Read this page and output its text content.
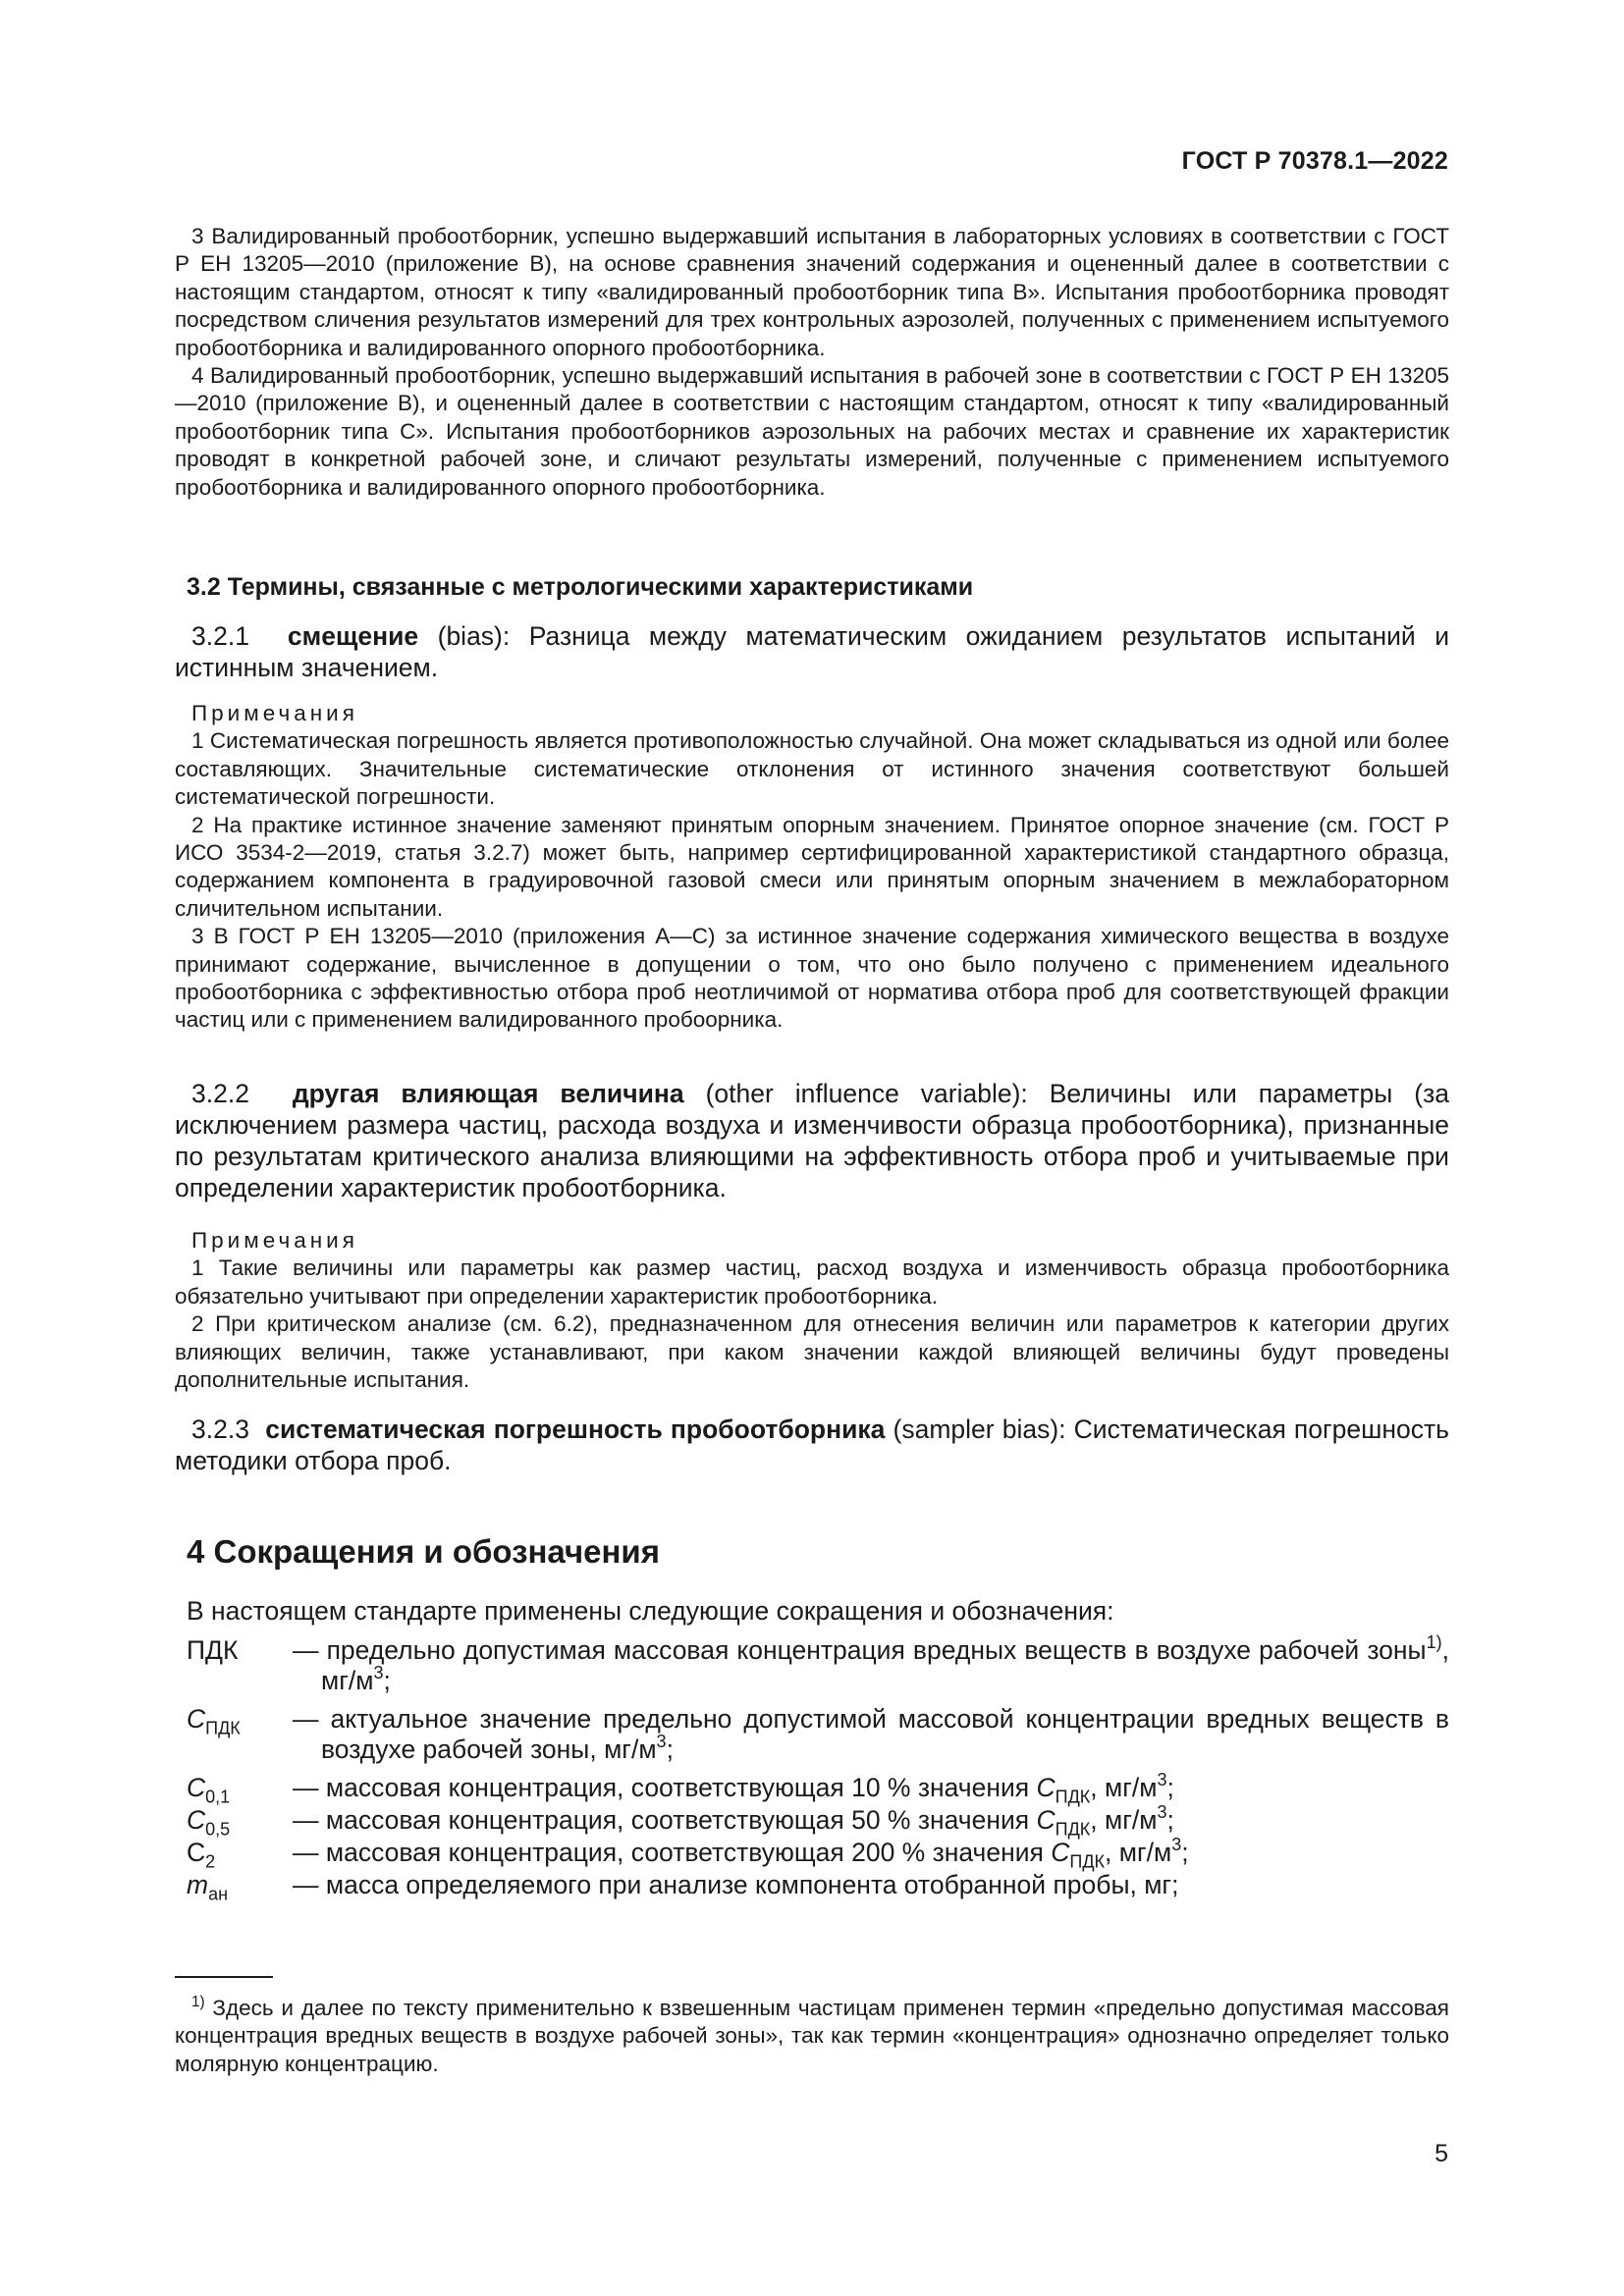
ГОСТ Р 70378.1—2022

3 Валидированный пробоотборник, успешно выдержавший испытания в лабораторных условиях в соответствии с ГОСТ Р ЕН 13205—2010 (приложение В), на основе сравнения значений содержания и оцененный далее в соответствии с настоящим стандартом, относят к типу «валидированный пробоотборник типа В». Испытания пробоотборника проводят посредством сличения результатов измерений для трех контрольных аэрозолей, полученных с применением испытуемого пробоотборника и валидированного опорного пробоотборника.

4 Валидированный пробоотборник, успешно выдержавший испытания в рабочей зоне в соответствии с ГОСТ Р ЕН 13205—2010 (приложение В), и оцененный далее в соответствии с настоящим стандартом, относят к типу «валидированный пробоотборник типа С». Испытания пробоотборников аэрозольных на рабочих местах и сравнение их характеристик проводят в конкретной рабочей зоне, и сличают результаты измерений, полученные с применением испытуемого пробоотборника и валидированного опорного пробоотборника.

3.2 Термины, связанные с метрологическими характеристиками

3.2.1 смещение (bias): Разница между математическим ожиданием результатов испытаний и истинным значением.

Примечания

1 Систематическая погрешность является противоположностью случайной. Она может складываться из одной или более составляющих. Значительные систематические отклонения от истинного значения соответствуют большей систематической погрешности.

2 На практике истинное значение заменяют принятым опорным значением. Принятое опорное значение (см. ГОСТ Р ИСО 3534-2—2019, статья 3.2.7) может быть, например сертифицированной характеристикой стандартного образца, содержанием компонента в градуировочной газовой смеси или принятым опорным значением в межлабораторном сличительном испытании.

3 В ГОСТ Р ЕН 13205—2010 (приложения А—С) за истинное значение содержания химического вещества в воздухе принимают содержание, вычисленное в допущении о том, что оно было получено с применением идеального пробоотборника с эффективностью отбора проб неотличимой от норматива отбора проб для соответствующей фракции частиц или с применением валидированного пробоорника.

3.2.2 другая влияющая величина (other influence variable): Величины или параметры (за исключением размера частиц, расхода воздуха и изменчивости образца пробоотборника), признанные по результатам критического анализа влияющими на эффективность отбора проб и учитываемые при определении характеристик пробоотборника.

Примечания

1 Такие величины или параметры как размер частиц, расход воздуха и изменчивость образца пробоотборника обязательно учитывают при определении характеристик пробоотборника.

2 При критическом анализе (см. 6.2), предназначенном для отнесения величин или параметров к категории других влияющих величин, также устанавливают, при каком значении каждой влияющей величины будут проведены дополнительные испытания.

3.2.3 систематическая погрешность пробоотборника (sampler bias): Систематическая погрешность методики отбора проб.

4 Сокращения и обозначения
В настоящем стандарте применены следующие сокращения и обозначения:
ПДК	— предельно допустимая массовая концентрация вредных веществ в воздухе рабочей зоны$^{1)}$, $мг/м^3$;
$C_{ПДК}$	— актуальное значение предельно допустимой массовой концентрации вредных веществ в воздухе рабочей зоны, $мг/м^3$;
$C_{0,1}$	— массовая концентрация, соответствующая 10 % значения $C_{ПДК}$, $мг/м^3$;
$C_{0,5}$	— массовая концентрация, соответствующая 50 % значения $C_{ПДК}$, $мг/м^3$;
$C_2$	— массовая концентрация, соответствующая 200 % значения $C_{ПДК}$, $мг/м^3$;
$m_{ан}$	— масса определяемого при анализе компонента отобранной пробы, мг;

$^{1)}$ Здесь и далее по тексту применительно к взвешенным частицам применен термин «предельно допустимая массовая концентрация вредных веществ в воздухе рабочей зоны», так как термин «концентрация» однозначно определяет только молярную концентрацию.

5
